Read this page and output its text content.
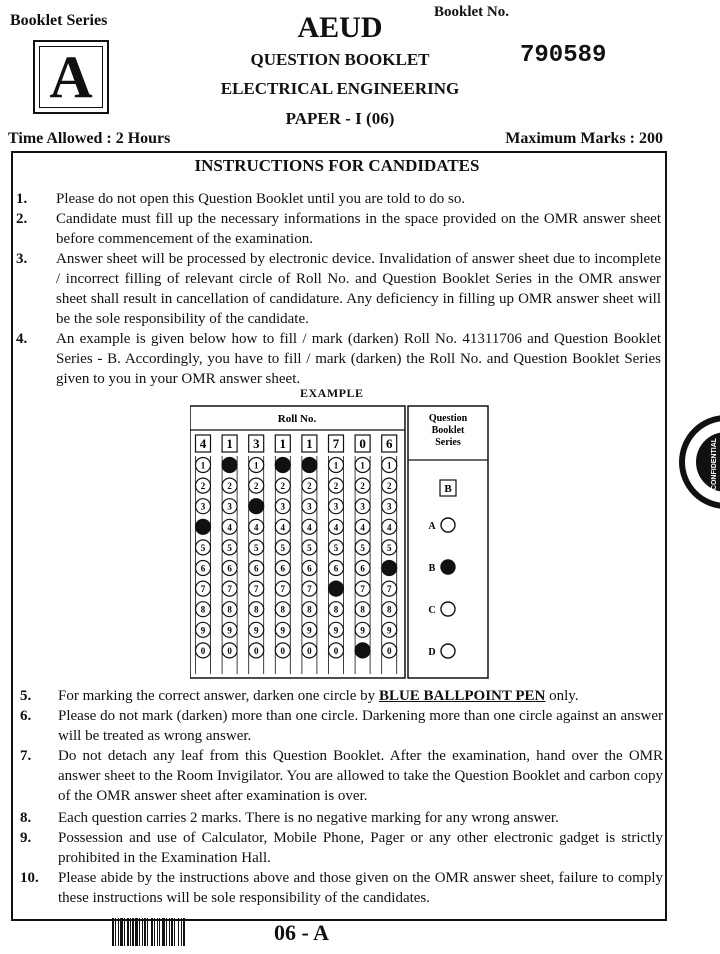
Booklet Series
A
AEUD	Booklet No.
790589
QUESTION BOOKLET
ELECTRICAL ENGINEERING
PAPER - I (06)
Time Allowed : 2 Hours	Maximum Marks : 200
INSTRUCTIONS FOR CANDIDATES
1. Please do not open this Question Booklet until you are told to do so.
2. Candidate must fill up the necessary informations in the space provided on the OMR answer sheet before commencement of the examination.
3. Answer sheet will be processed by electronic device. Invalidation of answer sheet due to incomplete / incorrect filling of relevant circle of Roll No. and Question Booklet Series in the OMR answer sheet shall result in cancellation of candidature. Any deficiency in filling up OMR answer sheet will be the sole responsibility of the candidate.
4. An example is given below how to fill / mark (darken) Roll No. 41311706 and Question Booklet Series - B. Accordingly, you have to fill / mark (darken) the Roll No. and Question Booklet Series given to you in your OMR answer sheet.
EXAMPLE
Roll No.
4
1
2
3
5
6
7
8
9
0
1
2
3
4
5
6
7
8
9
0
3
1
2
4
5
6
7
8
9
0
1
2
3
4
5
6
7
8
9
0
1
2
3
4
5
6
7
8
9
0
7
1
2
3
4
5
6
8
9
0
0
1
2
3
4
5
6
7
8
9
6
1
2
3
4
5
7
8
9
0
Question
Booklet
Series
B
A
B
C
D
5. For marking the correct answer, darken one circle by BLUE BALLPOINT PEN only.
6. Please do not mark (darken) more than one circle. Darkening more than one circle against an answer will be treated as wrong answer.
7. Do not detach any leaf from this Question Booklet. After the examination, hand over the OMR answer sheet to the Room Invigilator. You are allowed to take the Question Booklet and carbon copy of the OMR answer sheet after examination is over.
8. Each question carries 2 marks. There is no negative marking for any wrong answer.
9. Possession and use of Calculator, Mobile Phone, Pager or any other electronic gadget is strictly prohibited in the Examination Hall.
10. Please abide by the instructions above and those given on the OMR answer sheet, failure to comply these instructions will be sole responsibility of the candidates.
06 - A
CONFIDENTIAL
